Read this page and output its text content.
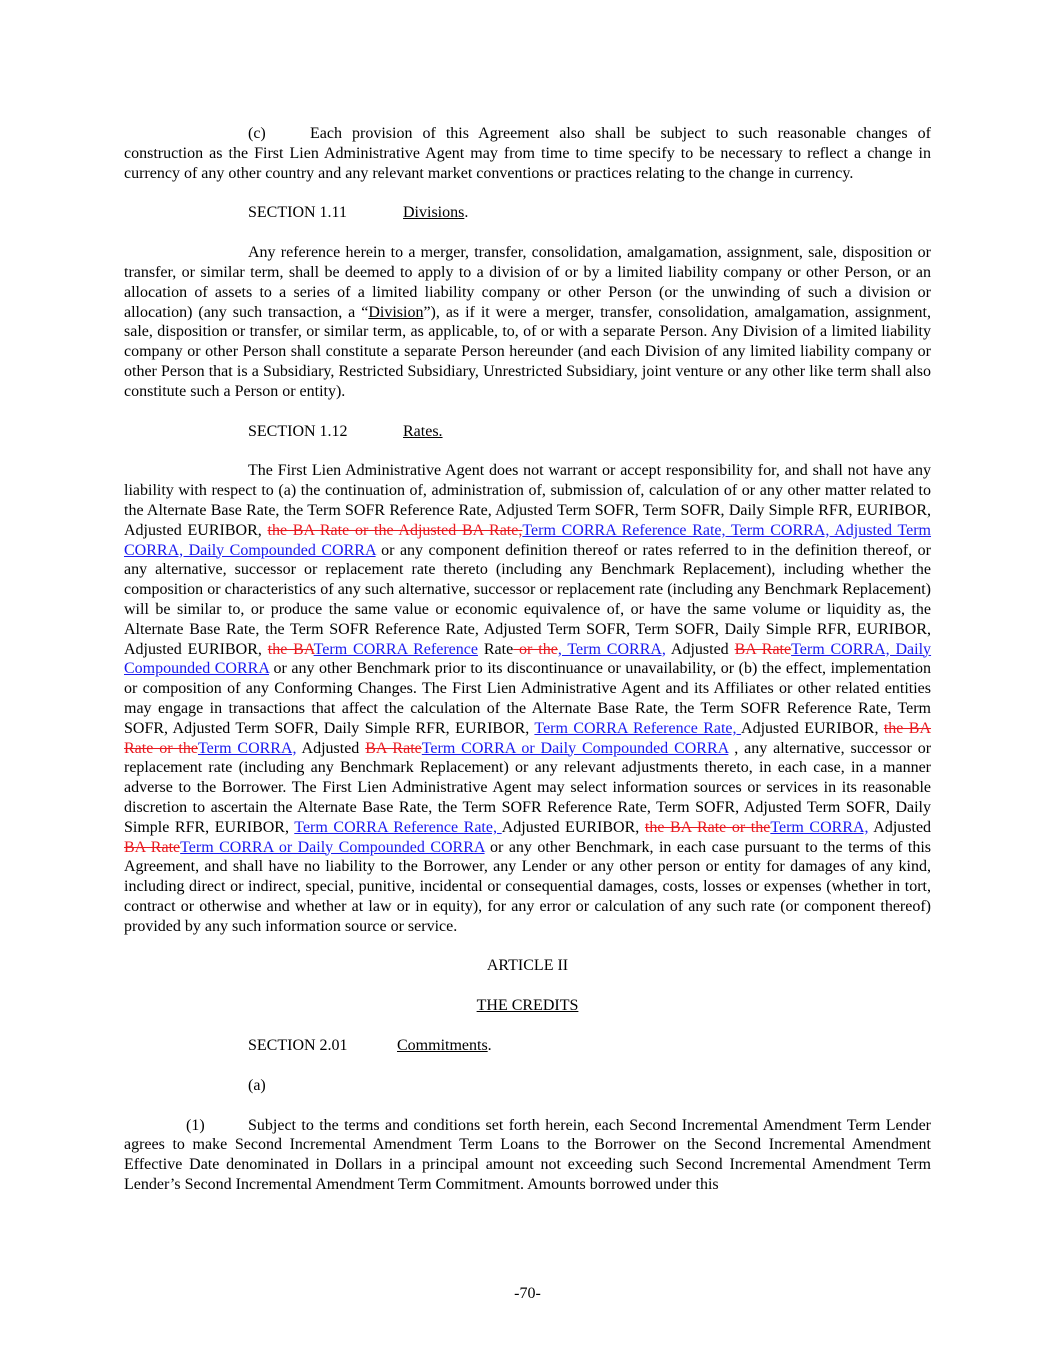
(c)	Each provision of this Agreement also shall be subject to such reasonable changes of construction as the First Lien Administrative Agent may from time to time specify to be necessary to reflect a change in currency of any other country and any relevant market conventions or practices relating to the change in currency.

SECTION 1.11	Divisions.

Any reference herein to a merger, transfer, consolidation, amalgamation, assignment, sale, disposition or transfer, or similar term, shall be deemed to apply to a division of or by a limited liability company or other Person, or an allocation of assets to a series of a limited liability company or other Person (or the unwinding of such a division or allocation) (any such transaction, a “Division”), as if it were a merger, transfer, consolidation, amalgamation, assignment, sale, disposition or transfer, or similar term, as applicable, to, of or with a separate Person. Any Division of a limited liability company or other Person shall constitute a separate Person hereunder (and each Division of any limited liability company or other Person that is a Subsidiary, Restricted Subsidiary, Unrestricted Subsidiary, joint venture or any other like term shall also constitute such a Person or entity).

SECTION 1.12	Rates.

The First Lien Administrative Agent does not warrant or accept responsibility for, and shall not have any liability with respect to (a) the continuation of, administration of, submission of, calculation of or any other matter related to the Alternate Base Rate, the Term SOFR Reference Rate, Adjusted Term SOFR, Term SOFR, Daily Simple RFR, EURIBOR, Adjusted EURIBOR, the BA Rate or the Adjusted BA Rate,Term CORRA Reference Rate, Term CORRA, Adjusted Term CORRA, Daily Compounded CORRA or any component definition thereof or rates referred to in the definition thereof, or any alternative, successor or replacement rate thereto (including any Benchmark Replacement), including whether the composition or characteristics of any such alternative, successor or replacement rate (including any Benchmark Replacement) will be similar to, or produce the same value or economic equivalence of, or have the same volume or liquidity as, the Alternate Base Rate, the Term SOFR Reference Rate, Adjusted Term SOFR, Term SOFR, Daily Simple RFR, EURIBOR, Adjusted EURIBOR, the BATerm CORRA Reference Rate or the, Term CORRA, Adjusted BA RateTerm CORRA, Daily Compounded CORRA or any other Benchmark prior to its discontinuance or unavailability, or (b) the effect, implementation or composition of any Conforming Changes. The First Lien Administrative Agent and its Affiliates or other related entities may engage in transactions that affect the calculation of the Alternate Base Rate, the Term SOFR Reference Rate, Term SOFR, Adjusted Term SOFR, Daily Simple RFR, EURIBOR, Term CORRA Reference Rate, Adjusted EURIBOR, the BA Rate or theTerm CORRA, Adjusted BA RateTerm CORRA or Daily Compounded CORRA , any alternative, successor or replacement rate (including any Benchmark Replacement) or any relevant adjustments thereto, in each case, in a manner adverse to the Borrower. The First Lien Administrative Agent may select information sources or services in its reasonable discretion to ascertain the Alternate Base Rate, the Term SOFR Reference Rate, Term SOFR, Adjusted Term SOFR, Daily Simple RFR, EURIBOR, Term CORRA Reference Rate, Adjusted EURIBOR, the BA Rate or theTerm CORRA, Adjusted BA RateTerm CORRA or Daily Compounded CORRA or any other Benchmark, in each case pursuant to the terms of this Agreement, and shall have no liability to the Borrower, any Lender or any other person or entity for damages of any kind, including direct or indirect, special, punitive, incidental or consequential damages, costs, losses or expenses (whether in tort, contract or otherwise and whether at law or in equity), for any error or calculation of any such rate (or component thereof) provided by any such information source or service.

ARTICLE II

THE CREDITS

SECTION 2.01	Commitments.

(a)

(1)	Subject to the terms and conditions set forth herein, each Second Incremental Amendment Term Lender agrees to make Second Incremental Amendment Term Loans to the Borrower on the Second Incremental Amendment Effective Date denominated in Dollars in a principal amount not exceeding such Second Incremental Amendment Term Lender’s Second Incremental Amendment Term Commitment. Amounts borrowed under this

-70-
